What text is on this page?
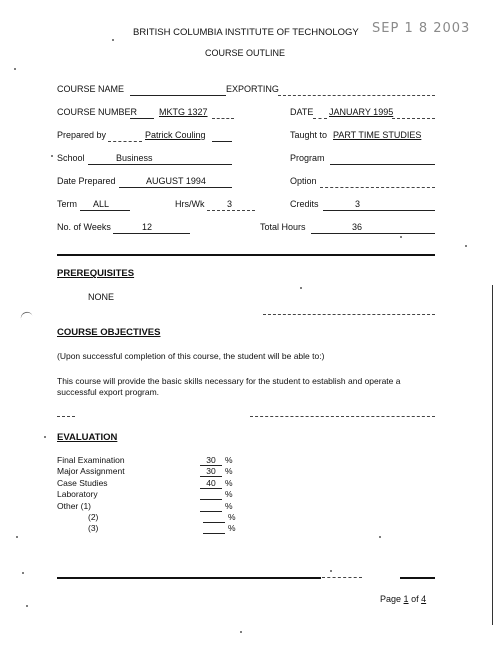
BRITISH COLUMBIA INSTITUTE OF TECHNOLOGY SEP 1 8 2003
COURSE OUTLINE
COURSE NAME	EXPORTING
COURSE NUMBER MKTG 1327	DATE JANUARY 1995
Prepared by	Patrick Couling	Taught to PART TIME STUDIES
School	Business	Program
Date Prepared	AUGUST 1994	Option
Term ALL	Hrs/Wk	3	Credits	3
No. of Weeks	12	Total Hours	36
PREREQUISITES
NONE
COURSE OBJECTIVES
(Upon successful completion of this course, the student will be able to:)
This course will provide the basic skills necessary for the student to establish and operate a
successful export program.
EVALUATION
Final Examination	30	%
Major Assignment	30	%
Case Studies	40	%
Laboratory	%
Other (1)	%
(2)	%
(3)	%
Page 1 of 4
